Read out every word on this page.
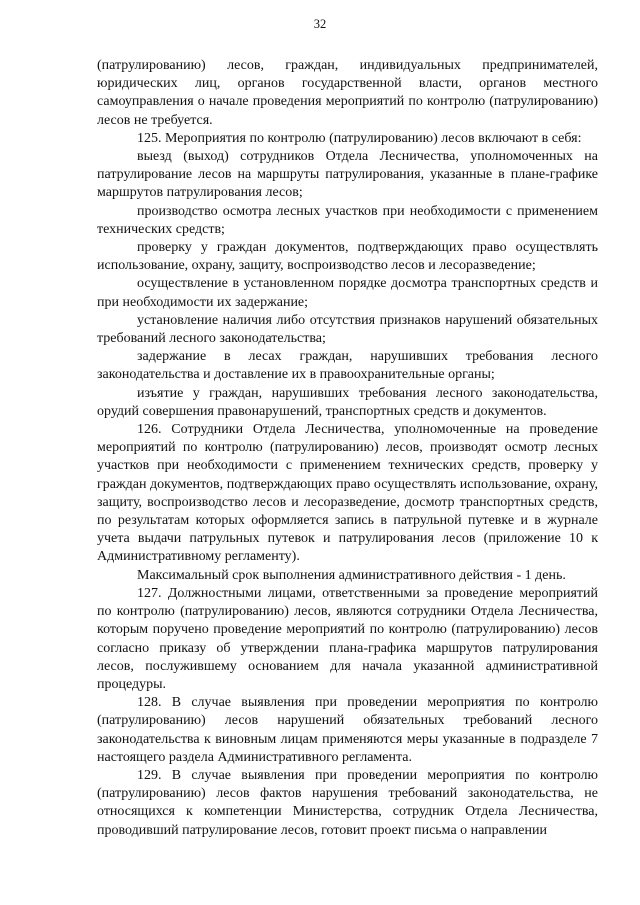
32

(патрулированию) лесов, граждан, индивидуальных предпринимателей, юридических лиц, органов государственной власти, органов местного самоуправления о начале проведения мероприятий по контролю (патрулированию) лесов не требуется.

125. Мероприятия по контролю (патрулированию) лесов включают в себя:

выезд (выход) сотрудников Отдела Лесничества, уполномоченных на патрулирование лесов на маршруты патрулирования, указанные в плане-графике маршрутов патрулирования лесов;

производство осмотра лесных участков при необходимости с применением технических средств;

проверку у граждан документов, подтверждающих право осуществлять использование, охрану, защиту, воспроизводство лесов и лесоразведение;

осуществление в установленном порядке досмотра транспортных средств и при необходимости их задержание;

установление наличия либо отсутствия признаков нарушений обязательных требований лесного законодательства;

задержание в лесах граждан, нарушивших требования лесного законодательства и доставление их в правоохранительные органы;

изъятие у граждан, нарушивших требования лесного законодательства, орудий совершения правонарушений, транспортных средств и документов.

126. Сотрудники Отдела Лесничества, уполномоченные на проведение мероприятий по контролю (патрулированию) лесов, производят осмотр лесных участков при необходимости с применением технических средств, проверку у граждан документов, подтверждающих право осуществлять использование, охрану, защиту, воспроизводство лесов и лесоразведение, досмотр транспортных средств, по результатам которых оформляется запись в патрульной путевке и в журнале учета выдачи патрульных путевок и патрулирования лесов (приложение 10 к Административному регламенту).

Максимальный срок выполнения административного действия - 1 день.

127. Должностными лицами, ответственными за проведение мероприятий по контролю (патрулированию) лесов, являются сотрудники Отдела Лесничества, которым поручено проведение мероприятий по контролю (патрулированию) лесов согласно приказу об утверждении плана-графика маршрутов патрулирования лесов, послужившему основанием для начала указанной административной процедуры.

128. В случае выявления при проведении мероприятия по контролю (патрулированию) лесов нарушений обязательных требований лесного законодательства к виновным лицам применяются меры указанные в подразделе 7 настоящего раздела Административного регламента.

129. В случае выявления при проведении мероприятия по контролю (патрулированию) лесов фактов нарушения требований законодательства, не относящихся к компетенции Министерства, сотрудник Отдела Лесничества, проводивший патрулирование лесов, готовит проект письма о направлении
